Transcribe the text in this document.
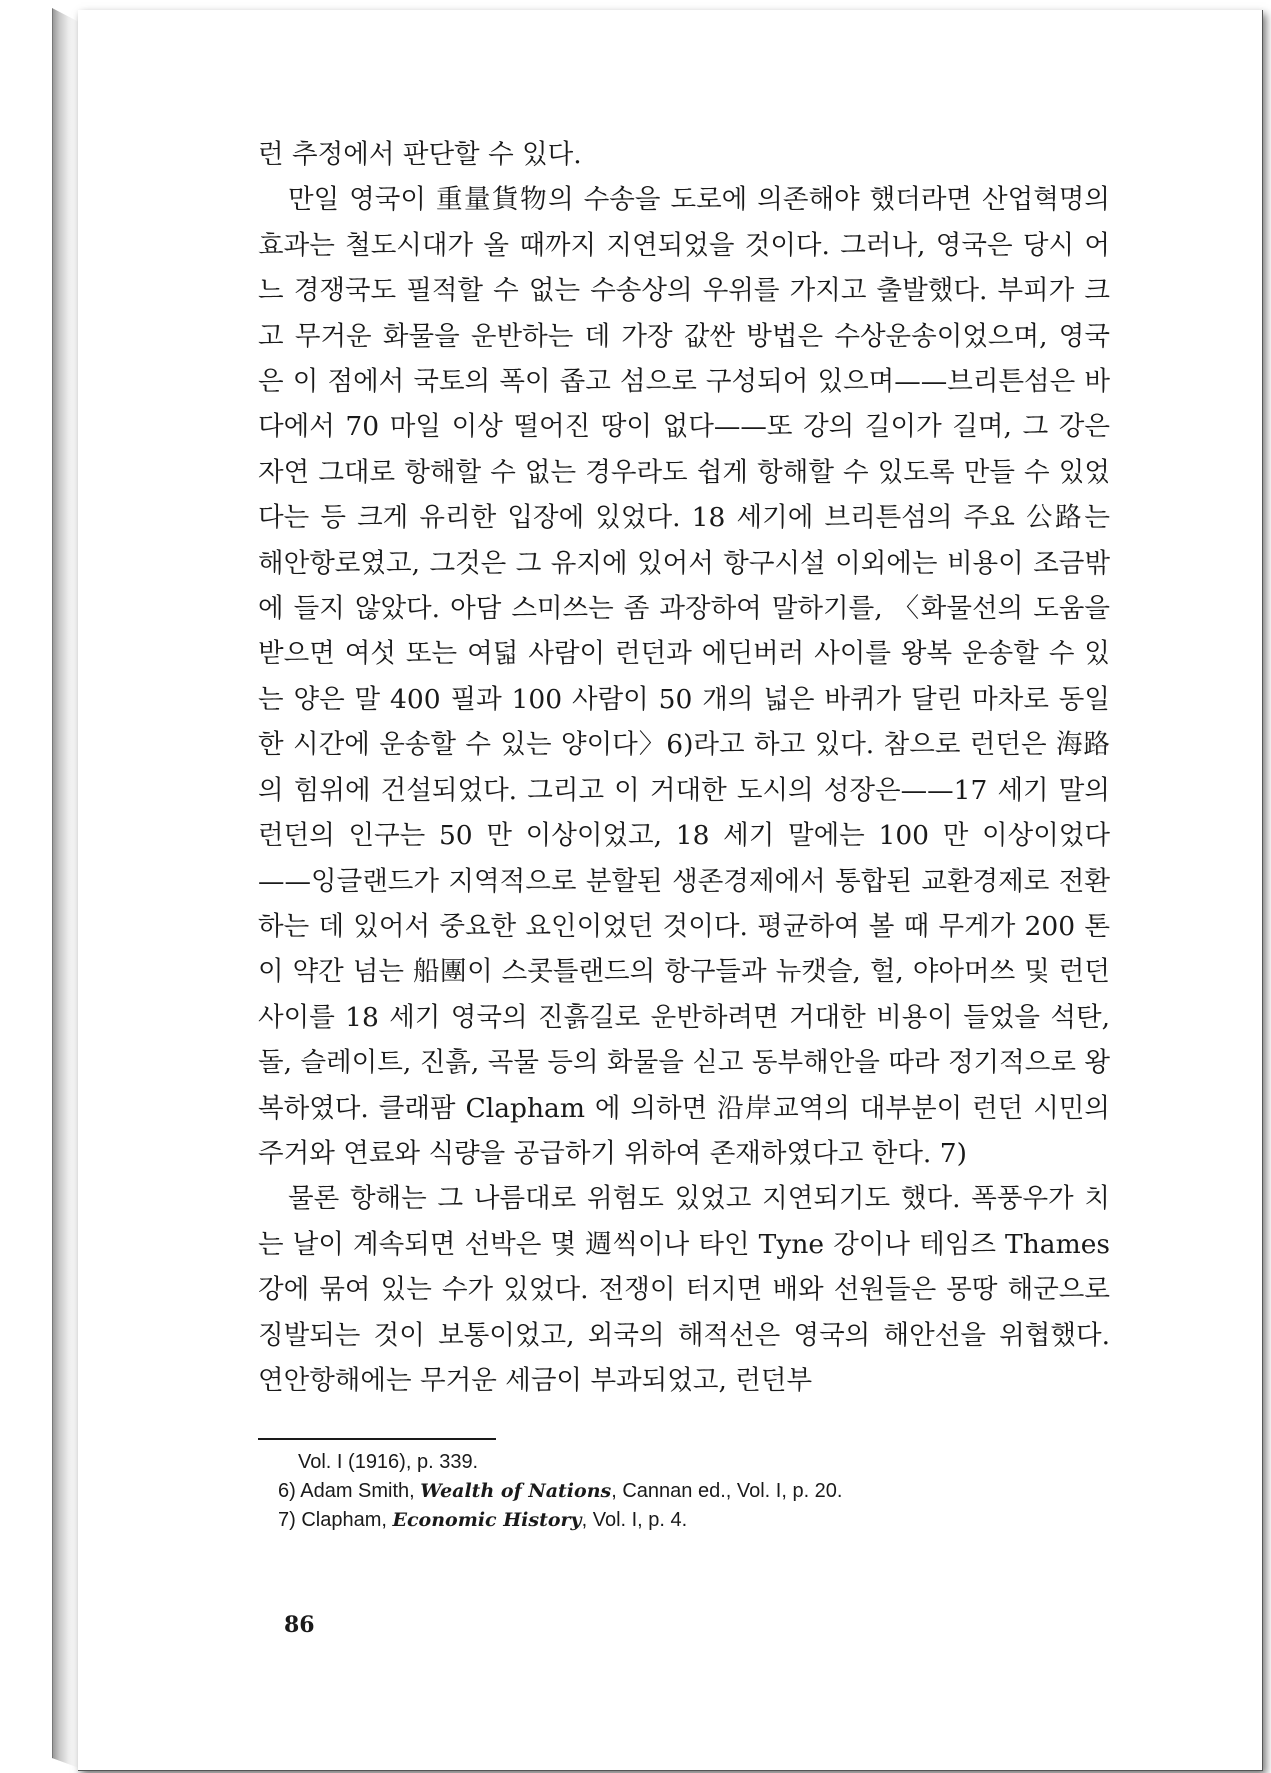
런 추정에서 판단할 수 있다.

만일 영국이 重量貨物의 수송을 도로에 의존해야 했더라면 산업혁명의 효과는 철도시대가 올 때까지 지연되었을 것이다. 그러나, 영국은 당시 어느 경쟁국도 필적할 수 없는 수송상의 우위를 가지고 출발했다. 부피가 크고 무거운 화물을 운반하는 데 가장 값싼 방법은 수상운송이었으며, 영국은 이 점에서 국토의 폭이 좁고 섬으로 구성되어 있으며——브리튼섬은 바다에서 70 마일 이상 떨어진 땅이 없다——또 강의 길이가 길며, 그 강은 자연 그대로 항해할 수 없는 경우라도 쉽게 항해할 수 있도록 만들 수 있었다는 등 크게 유리한 입장에 있었다. 18 세기에 브리튼섬의 주요 公路는 해안항로였고, 그것은 그 유지에 있어서 항구시설 이외에는 비용이 조금밖에 들지 않았다. 아담 스미쓰는 좀 과장하여 말하기를, 〈화물선의 도움을 받으면 여섯 또는 여덟 사람이 런던과 에딘버러 사이를 왕복 운송할 수 있는 양은 말 400 필과 100 사람이 50 개의 넓은 바퀴가 달린 마차로 동일한 시간에 운송할 수 있는 양이다〉6)라고 하고 있다. 참으로 런던은 海路의 힘위에 건설되었다. 그리고 이 거대한 도시의 성장은——17 세기 말의 런던의 인구는 50 만 이상이었고, 18 세기 말에는 100 만 이상이었다——잉글랜드가 지역적으로 분할된 생존경제에서 통합된 교환경제로 전환하는 데 있어서 중요한 요인이었던 것이다. 평균하여 볼 때 무게가 200 톤이 약간 넘는 船團이 스콧틀랜드의 항구들과 뉴캣슬, 헐, 야아머쓰 및 런던 사이를 18 세기 영국의 진흙길로 운반하려면 거대한 비용이 들었을 석탄, 돌, 슬레이트, 진흙, 곡물 등의 화물을 싣고 동부해안을 따라 정기적으로 왕복하였다. 클래팜 Clapham 에 의하면 沿岸교역의 대부분이 런던 시민의 주거와 연료와 식량을 공급하기 위하여 존재하였다고 한다. 7)

물론 항해는 그 나름대로 위험도 있었고 지연되기도 했다. 폭풍우가 치는 날이 계속되면 선박은 몇 週씩이나 타인 Tyne 강이나 테임즈 Thames 강에 묶여 있는 수가 있었다. 전쟁이 터지면 배와 선원들은 몽땅 해군으로 징발되는 것이 보통이었고, 외국의 해적선은 영국의 해안선을 위협했다. 연안항해에는 무거운 세금이 부과되었고, 런던부

Vol. I (1916), p. 339.

6) Adam Smith, Wealth of Nations, Cannan ed., Vol. I, p. 20.

7) Clapham, Economic History, Vol. I, p. 4.

86
